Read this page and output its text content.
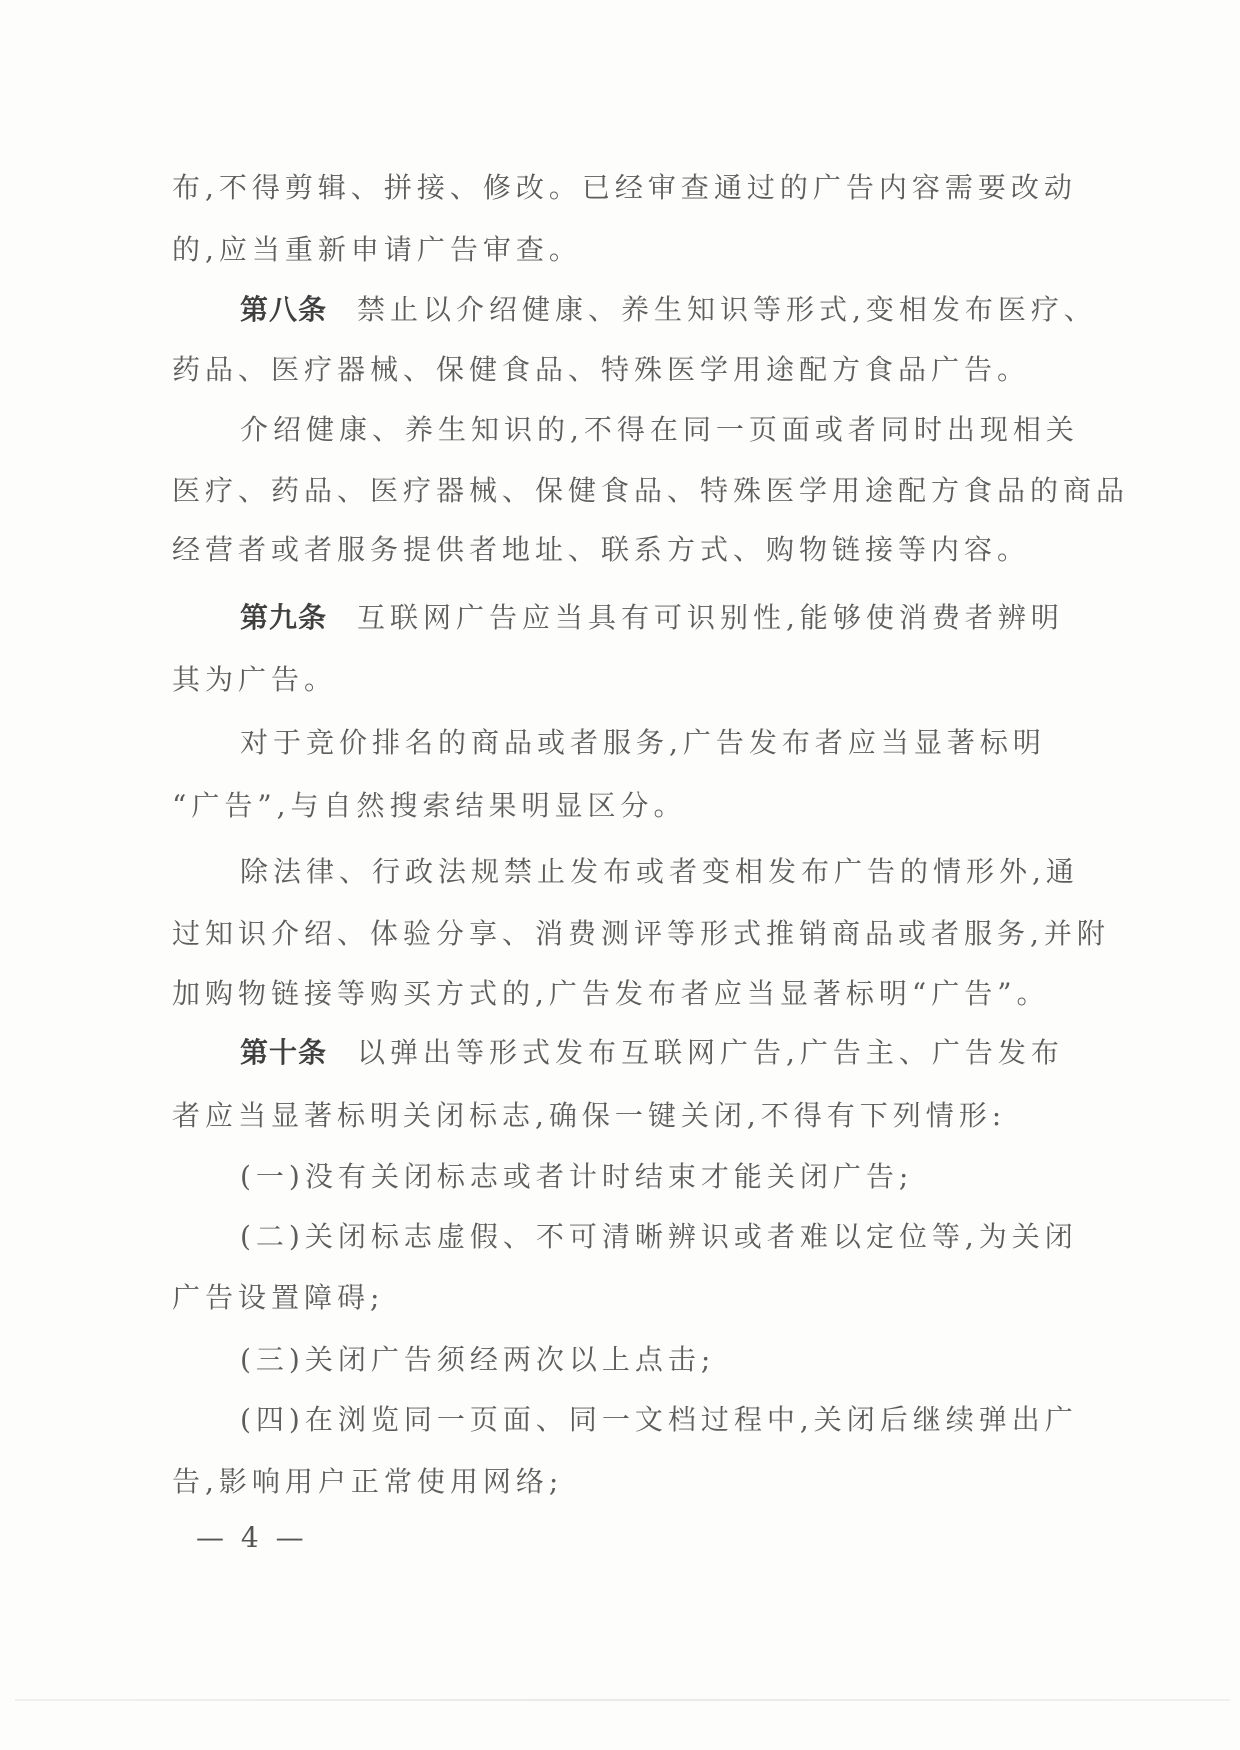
布,不得剪辑、拼接、修改。已经审查通过的广告内容需要改动
的,应当重新申请广告审查。
第八条 禁止以介绍健康、养生知识等形式,变相发布医疗、
药品、医疗器械、保健食品、特殊医学用途配方食品广告。
介绍健康、养生知识的,不得在同一页面或者同时出现相关
医疗、药品、医疗器械、保健食品、特殊医学用途配方食品的商品
经营者或者服务提供者地址、联系方式、购物链接等内容。
第九条 互联网广告应当具有可识别性,能够使消费者辨明
其为广告。
对于竞价排名的商品或者服务,广告发布者应当显著标明
“广告”,与自然搜索结果明显区分。
除法律、行政法规禁止发布或者变相发布广告的情形外,通
过知识介绍、体验分享、消费测评等形式推销商品或者服务,并附
加购物链接等购买方式的,广告发布者应当显著标明“广告”。
第十条 以弹出等形式发布互联网广告,广告主、广告发布
者应当显著标明关闭标志,确保一键关闭,不得有下列情形:
(一)没有关闭标志或者计时结束才能关闭广告;
(二)关闭标志虚假、不可清晰辨识或者难以定位等,为关闭
广告设置障碍;
(三)关闭广告须经两次以上点击;
(四)在浏览同一页面、同一文档过程中,关闭后继续弹出广
告,影响用户正常使用网络;
— 4 —
